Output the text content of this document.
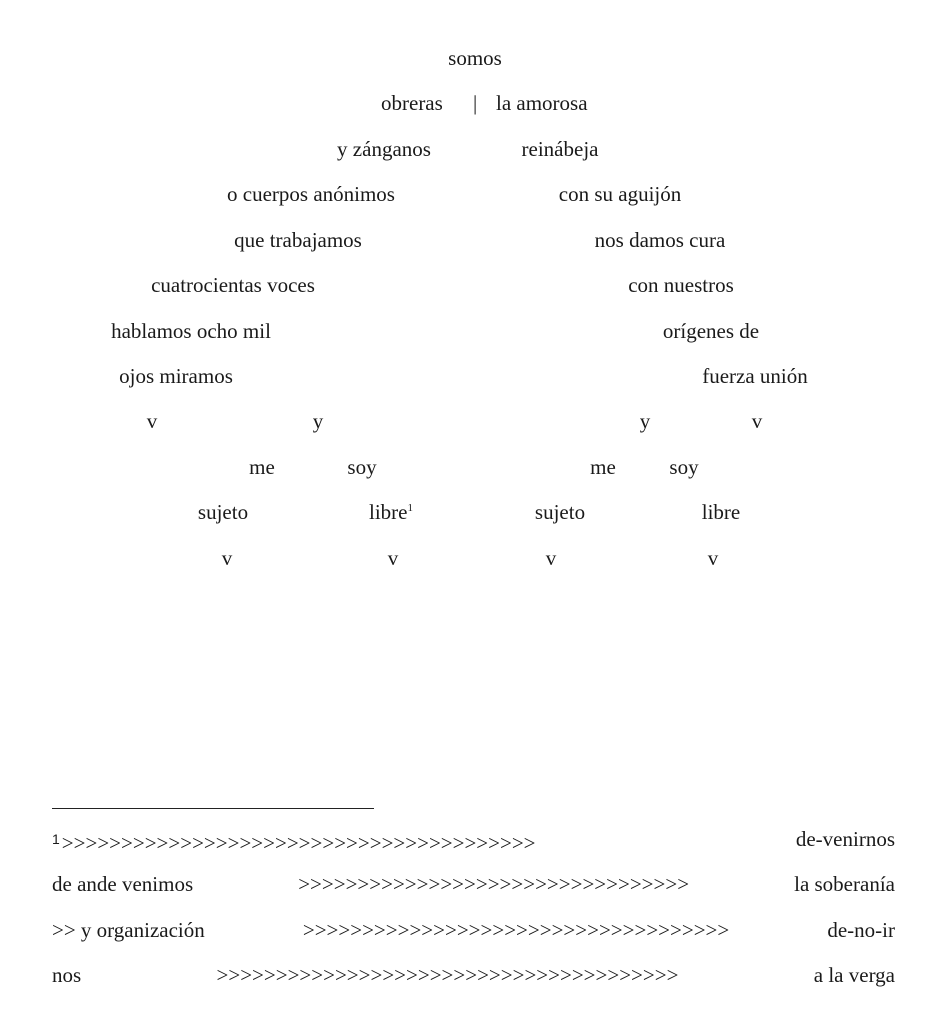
somos
obreras | la amorosa
y zánganos	reinábeja
o cuerpos anónimos	con su aguijón
que trabajamos	nos damos cura
cuatrocientas voces	con nuestros
hablamos ocho mil	orígenes de
ojos miramos	fuerza unión
v	y	y	v
me	soy	me	soy
sujeto	libre$^1$	sujeto	libre
v	v	v	v
$^1$>>>>>>>>>>>>>>>>>>>>>>>>>>>>>>>>>>>>>>>>	de-venirnos
de ande venimos	>>>>>>>>>>>>>>>>>>>>>>>>>>>>>>>>>	la soberanía
>> y organización	>>>>>>>>>>>>>>>>>>>>>>>>>>>>>>>>>>>>	de-no-ir
nos	>>>>>>>>>>>>>>>>>>>>>>>>>>>>>>>>>>>>>>>	a la verga
